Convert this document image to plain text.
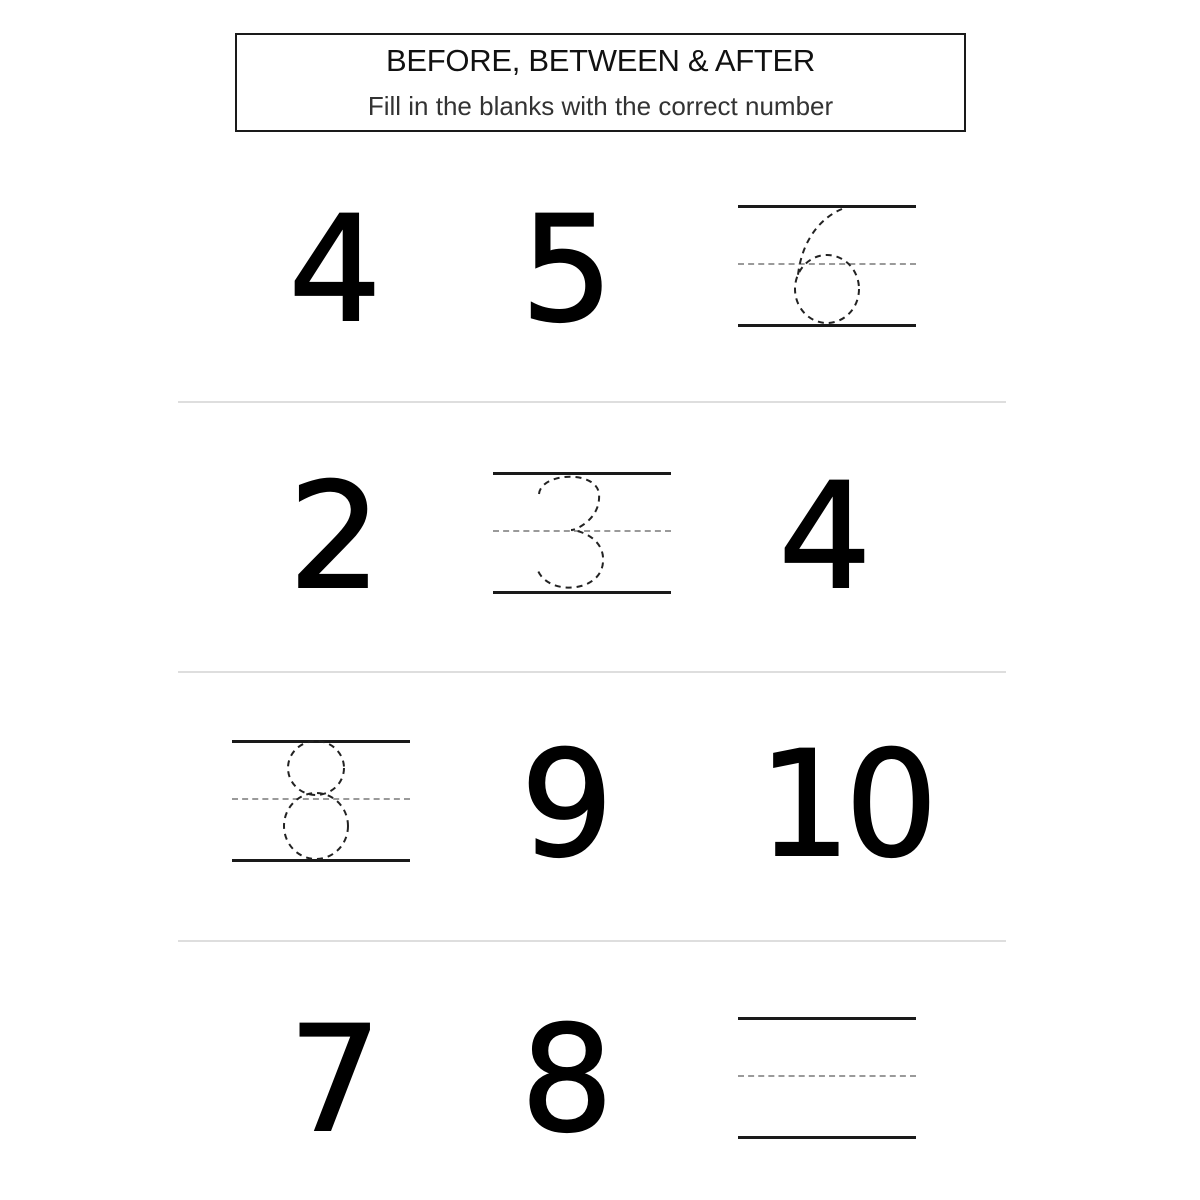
BEFORE, BETWEEN & AFTER
Fill in the blanks with the correct number
4 5	6
2	3 4
8 9 10
7 8
